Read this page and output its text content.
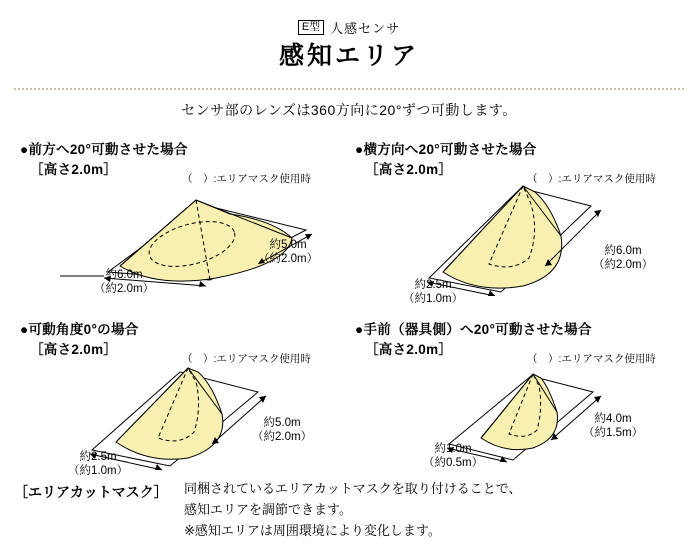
E型 人感センサ
感知エリア
センサ部のレンズは360方向に20°ずつ可動します。
●前方へ20°可動させた場合
［高さ2.0m］
（　）:エリアマスク使用時
約5.0m
（約2.0m）
約6.0m
（約2.0m）
●横方向へ20°可動させた場合
［高さ2.0m］
（　）:エリアマスク使用時
約6.0m
（約2.0m）
約2.5m
（約1.0m）
●可動角度0°の場合
［高さ2.0m］
（　）:エリアマスク使用時
約5.0m
（約2.0m）
約2.5m
（約1.0m）
●手前（器具側）へ20°可動させた場合
［高さ2.0m］
（　）:エリアマスク使用時
約4.0m
（約1.5m）
約1.0m
（約0.5m）
［エリアカットマスク］ 同梱されているエリアカットマスクを取り付けることで、
感知エリアを調節できます。
※感知エリアは周囲環境により変化します。
